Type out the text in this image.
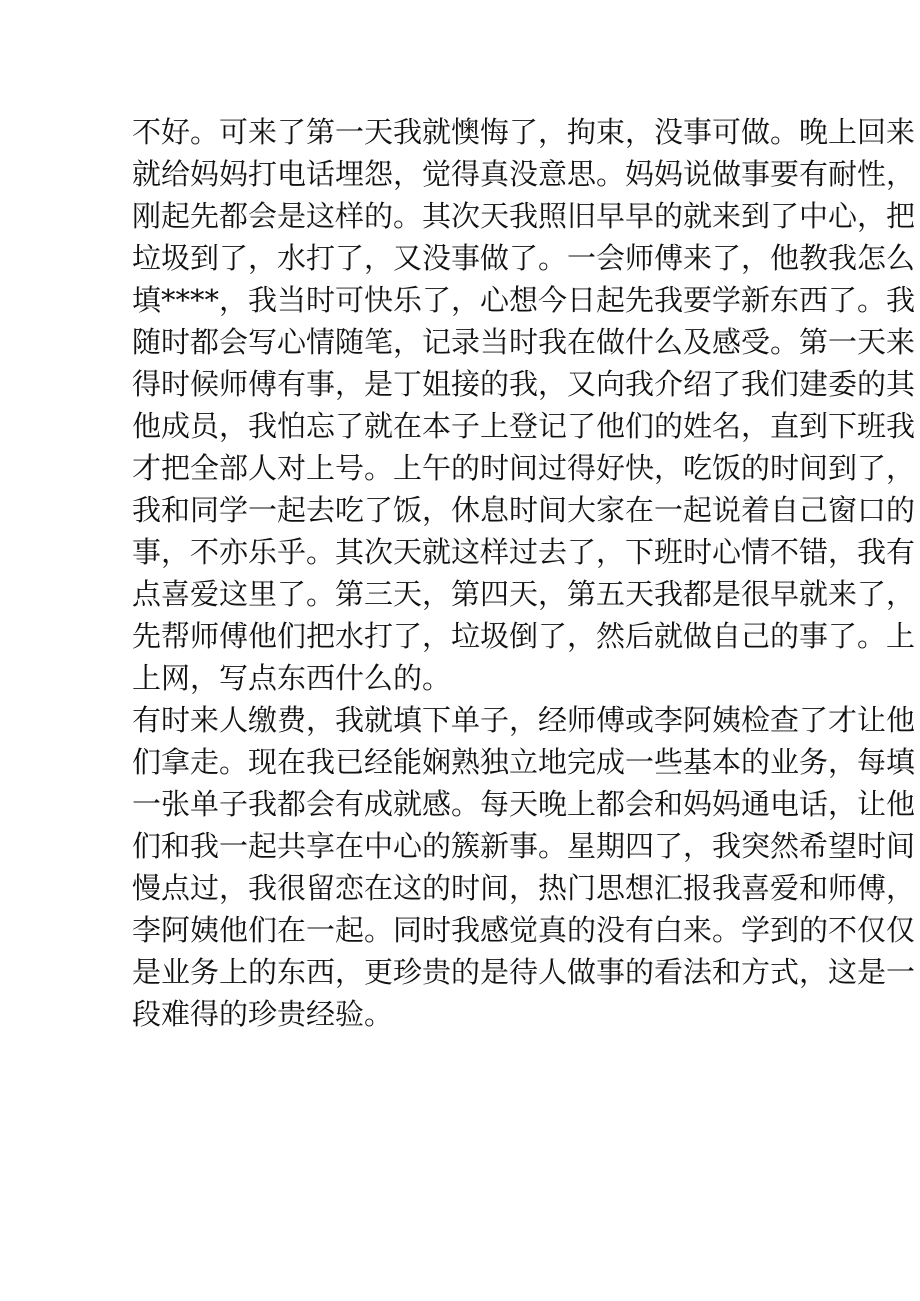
不好。可来了第一天我就懊悔了，拘束，没事可做。晚上回来
就给妈妈打电话埋怨，觉得真没意思。妈妈说做事要有耐性，
刚起先都会是这样的。其次天我照旧早早的就来到了中心，把
垃圾到了，水打了，又没事做了。一会师傅来了，他教我怎么
填****，我当时可快乐了，心想今日起先我要学新东西了。我
随时都会写心情随笔，记录当时我在做什么及感受。第一天来
得时候师傅有事，是丁姐接的我，又向我介绍了我们建委的其
他成员，我怕忘了就在本子上登记了他们的姓名，直到下班我
才把全部人对上号。上午的时间过得好快，吃饭的时间到了，
我和同学一起去吃了饭，休息时间大家在一起说着自己窗口的
事，不亦乐乎。其次天就这样过去了，下班时心情不错，我有
点喜爱这里了。第三天，第四天，第五天我都是很早就来了，
先帮师傅他们把水打了，垃圾倒了，然后就做自己的事了。上
上网，写点东西什么的。
有时来人缴费，我就填下单子，经师傅或李阿姨检查了才让他
们拿走。现在我已经能娴熟独立地完成一些基本的业务，每填
一张单子我都会有成就感。每天晚上都会和妈妈通电话，让他
们和我一起共享在中心的簇新事。星期四了，我突然希望时间
慢点过，我很留恋在这的时间，热门思想汇报我喜爱和师傅，
李阿姨他们在一起。同时我感觉真的没有白来。学到的不仅仅
是业务上的东西，更珍贵的是待人做事的看法和方式，这是一
段难得的珍贵经验。
